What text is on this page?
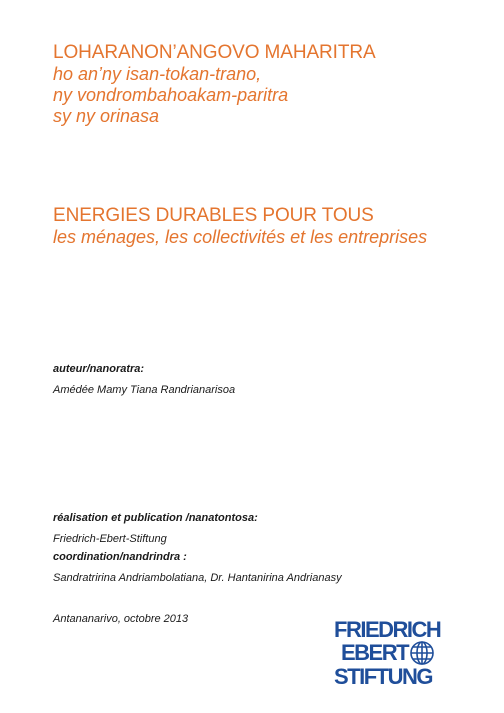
LOHARANON’ANGOVO MAHARITRA
ho an’ny isan-tokan-trano,
ny vondrombahoakam-paritra
sy ny orinasa
ENERGIES DURABLES POUR TOUS
les ménages, les collectivités et les entreprises
auteur/nanoratra:
Amédée Mamy Tiana Randrianarisoa
réalisation et publication /nanatontosa:
Friedrich-Ebert-Stiftung
coordination/nandrindra :
Sandratririna Andriambolatiana, Dr. Hantanirina Andrianasy
Antananarivo, octobre 2013	FRIEDRICH
EBERT
STIFTUNG
